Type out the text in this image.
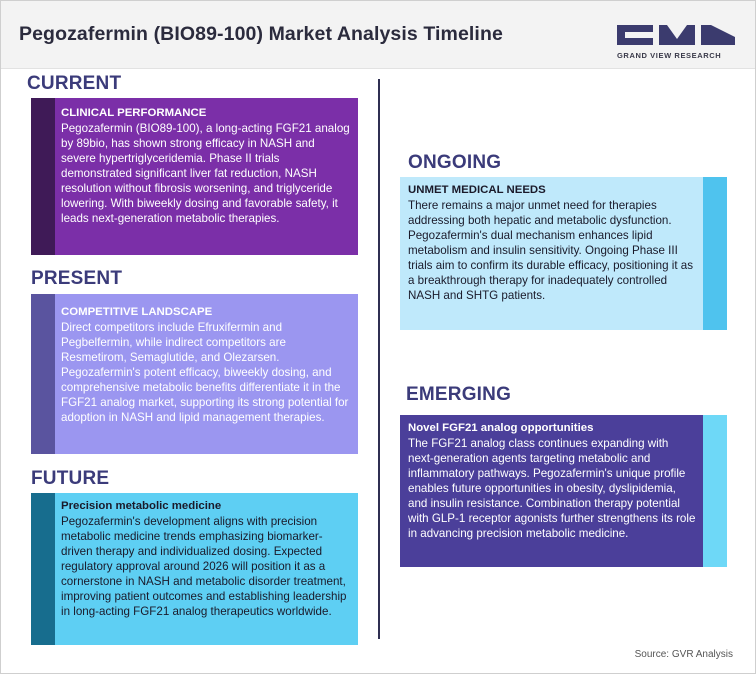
Pegozafermin (BIO89-100) Market Analysis Timeline
GRAND VIEW RESEARCH
CURRENT
CLINICAL PERFORMANCE
Pegozafermin (BIO89-100), a long-acting FGF21 analog by 89bio, has shown strong efficacy in NASH and severe hypertriglyceridemia. Phase II trials demonstrated significant liver fat reduction, NASH resolution without fibrosis worsening, and triglyceride lowering. With biweekly dosing and favorable safety, it leads next-generation metabolic therapies.
PRESENT
COMPETITIVE LANDSCAPE
Direct competitors include Efruxifermin and Pegbelfermin, while indirect competitors are Resmetirom, Semaglutide, and Olezarsen. Pegozafermin's potent efficacy, biweekly dosing, and comprehensive metabolic benefits differentiate it in the FGF21 analog market, supporting its strong potential for adoption in NASH and lipid management therapies.
FUTURE
Precision metabolic medicine
Pegozafermin's development aligns with precision metabolic medicine trends emphasizing biomarker-driven therapy and individualized dosing. Expected regulatory approval around 2026 will position it as a cornerstone in NASH and metabolic disorder treatment, improving patient outcomes and establishing leadership in long-acting FGF21 analog therapeutics worldwide.
ONGOING
UNMET MEDICAL NEEDS
There remains a major unmet need for therapies addressing both hepatic and metabolic dysfunction. Pegozafermin's dual mechanism enhances lipid metabolism and insulin sensitivity. Ongoing Phase III trials aim to confirm its durable efficacy, positioning it as a breakthrough therapy for inadequately controlled NASH and SHTG patients.
EMERGING
Novel FGF21 analog opportunities
The FGF21 analog class continues expanding with next-generation agents targeting metabolic and inflammatory pathways. Pegozafermin's unique profile enables future opportunities in obesity, dyslipidemia, and insulin resistance. Combination therapy potential with GLP-1 receptor agonists further strengthens its role in advancing precision metabolic medicine.
Source: GVR Analysis
